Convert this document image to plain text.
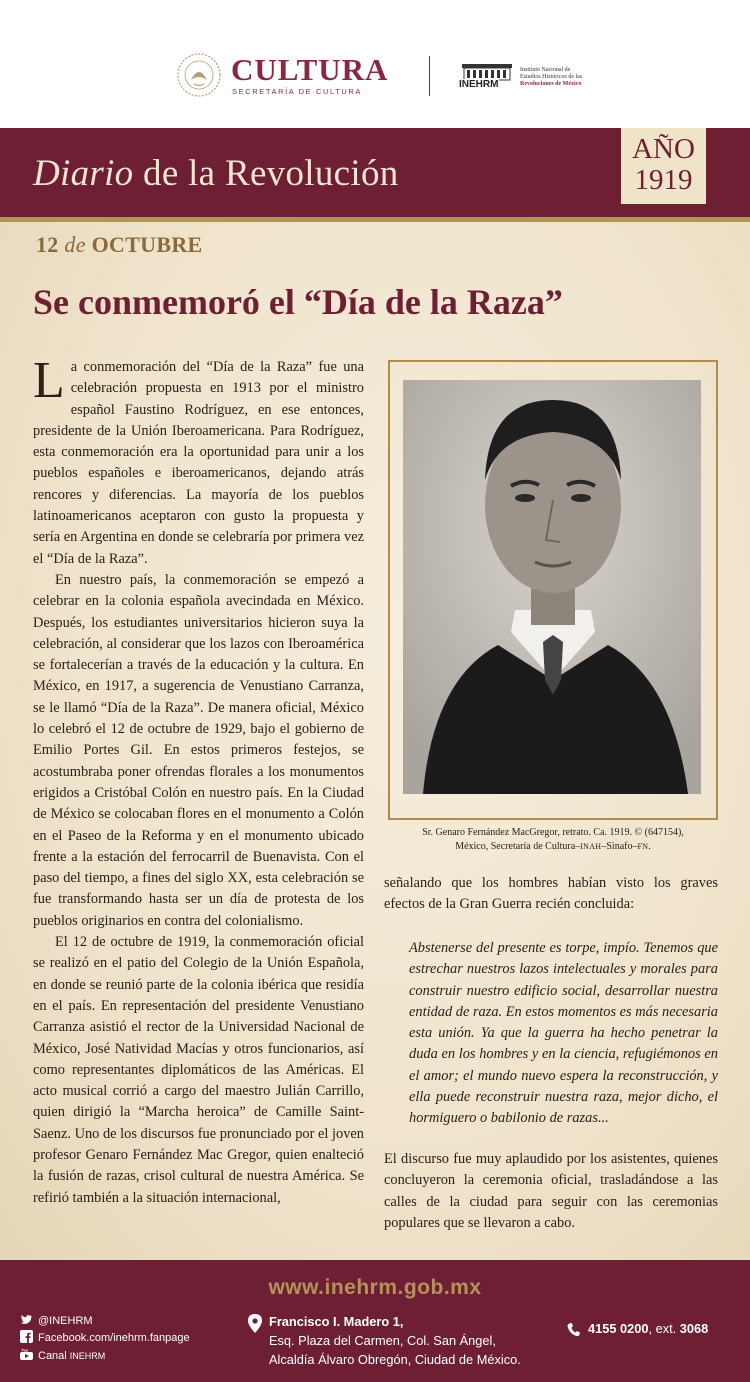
CULTURA
SECRETARÍA DE CULTURA
INEHRM
Instituto Nacional de
Estudios Históricos de las
Revoluciones de México
Diario de la Revolución
AÑO
1919
12 de OCTUBRE
Se conmemoró el “Día de la Raza”

La conmemoración del “Día de la Raza” fue una celebración propuesta en 1913 por el ministro español Faustino Rodríguez, en ese entonces, presidente de la Unión Iberoamericana. Para Rodríguez, esta conmemoración era la oportunidad para unir a los pueblos españoles e iberoamericanos, dejando atrás rencores y diferencias. La mayoría de los pueblos latinoamericanos aceptaron con gusto la propuesta y sería en Argentina en donde se celebraría por primera vez el “Día de la Raza”.

En nuestro país, la conmemoración se empezó a celebrar en la colonia española avecindada en México. Después, los estudiantes universitarios hicieron suya la celebración, al considerar que los lazos con Iberoamérica se fortalecerían a través de la educación y la cultura. En México, en 1917, a sugerencia de Venustiano Carranza, se le llamó “Día de la Raza”. De manera oficial, México lo celebró el 12 de octubre de 1929, bajo el gobierno de Emilio Portes Gil. En estos primeros festejos, se acostumbraba poner ofrendas florales a los monumentos erigidos a Cristóbal Colón en nuestro país. En la Ciudad de México se colocaban flores en el monumento a Colón en el Paseo de la Reforma y en el monumento ubicado frente a la estación del ferrocarril de Buenavista. Con el paso del tiempo, a fines del siglo XX, esta celebración se fue transformando hasta ser un día de protesta de los pueblos originarios en contra del colonialismo.

El 12 de octubre de 1919, la conmemoración oficial se realizó en el patio del Colegio de la Unión Española, en donde se reunió parte de la colonia ibérica que residía en el país. En representación del presidente Venustiano Carranza asistió el rector de la Universidad Nacional de México, José Natividad Macías y otros funcionarios, así como representantes diplomáticos de las Américas. El acto musical corrió a cargo del maestro Julián Carrillo, quien dirigió la “Marcha heroica” de Camille Saint-Saenz. Uno de los discursos fue pronunciado por el joven profesor Genaro Fernández Mac Gregor, quien enalteció la fusión de razas, crisol cultural de nuestra América. Se refirió también a la situación internacional,

Sr. Genaro Fernández MacGregor, retrato. Ca. 1919. © (647154),
México, Secretaría de Cultura–INAH–Sinafo–FN.
señalando que los hombres habían visto los graves efectos de la Gran Guerra recién concluida:
Abstenerse del presente es torpe, impío. Tenemos que estrechar nuestros lazos intelectuales y morales para construir nuestro edificio social, desarrollar nuestra entidad de raza. En estos momentos es más necesaria esta unión. Ya que la guerra ha hecho penetrar la duda en los hombres y en la ciencia, refugiémonos en el amor; el mundo nuevo espera la reconstrucción, y ella puede reconstruir nuestra raza, mejor dicho, el hormiguero o babilonio de razas...
El discurso fue muy aplaudido por los asistentes, quienes concluyeron la ceremonia oficial, trasladándose a las calles de la ciudad para seguir con las ceremonias populares que se llevaron a cabo.
www.inehrm.gob.mx
@INEHRM
Facebook.com/inehrm.fanpage
You Canal INEHRM
Francisco I. Madero 1,
Esq. Plaza del Carmen, Col. San Ángel,
Alcaldía Álvaro Obregón, Ciudad de México.
4155 0200, ext. 3068
